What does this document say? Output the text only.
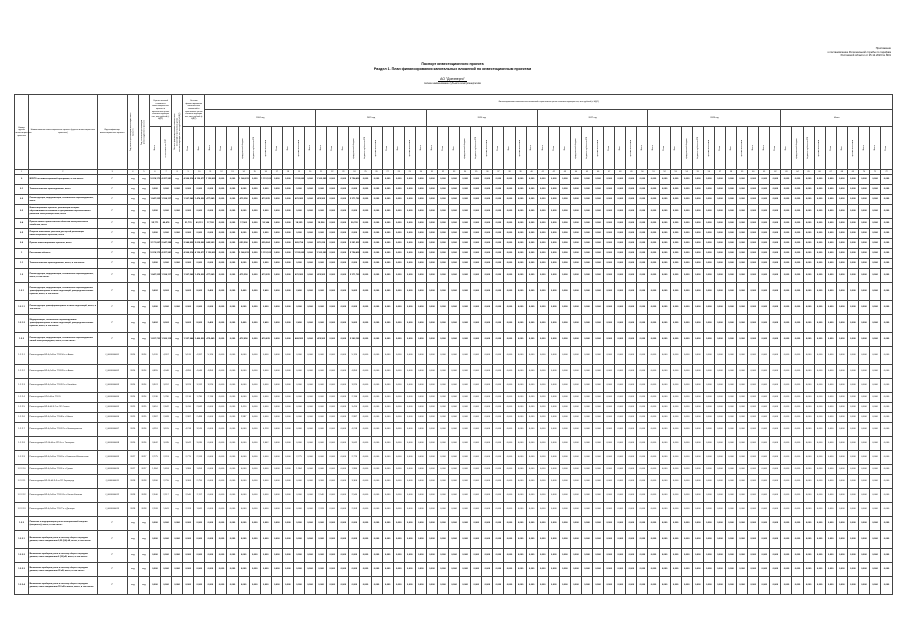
Приложение
к постановлению Региональной службы по тарифам
Ростовской области от 25.12.2023 № 80/1
Паспорт инвестиционного проекта
Раздел 1. План финансирования капитальных вложений по инвестиционным проектам
АО "Донэнерго"
полное наименование субъекта электроэнергетики
Номер группы инвестиционных проектов	Наименование инвестиционного проекта (группы инвестиционных проектов)	Идентификатор инвестиционного проекта	Год начала реализации инвестиционного проекта	Год окончания реализации инвестиционного проекта	Оценка полной стоимости инвестиционного проекта в прогнозных ценах соответствующих лет, млн рублей (с НДС)	Остаток финансирования капитальных вложений в прогнозных ценах соответствующих лет, млн рублей (с НДС)	Остаток финансирования капитальных вложений в прогнозных ценах соответствующих лет, млн рублей (с НДС)	Финансирование капитальных вложений в прогнозных ценах соответствующих лет, млн рублей (с НДС)
2024 год	2025 год	2026 год	2027 год	2028 год	Итого

Всего	в том числе по ЛСР	План	Факт	Всего	План	Факт	федеральный бюджет	бюджеты субъектов РФ	прочие источники	План	Факт	прочие источники	Всего	Всего	План	Факт	федеральный бюджет	бюджеты субъектов РФ	прочие источники	План	Факт	прочие источники	Всего	Всего	План	Факт	федеральный бюджет	бюджеты субъектов РФ	прочие источники	План	Факт	прочие источники	Всего	Всего	План	Факт	федеральный бюджет	бюджеты субъектов РФ	прочие источники	План	Факт	прочие источники	Всего	Всего	План	Факт	федеральный бюджет	бюджеты субъектов РФ	прочие источники	План	Факт	прочие источники	Всего	Всего	План	Факт	федеральный бюджет	бюджеты субъектов РФ	прочие источники	План	Факт	прочие источники	Всего	Всего	План

1	2	3	4	5	6	7	8	9	10	11	12	13	14	15	16	17	18	19	20	21	22	23	24	25	26	27	28	29	30	31	32	33	34	35	36	37	38	39	40	41	42	43	44	45	46	47	48	49	50	51	52	53	54	55	56	57	58	59	60	61	62	63	64	65	66	67	68	69	70	71	72
0	ВСЕГО по инвестиционной программе, в том числе:	Г	н.д	н.д	5 074,173	4 227,991	н.д	4 566,214	4 136,077	1 138,620	0,000	0,000	1 146,615	0,000	1 151,103	0,000	0,000	1 155,062	0,000	1 163,099	0,000	0,000	5 754,499	0,000	0,000	0,000	0,000	0,000	0,000	0,000	0,000	0,000	0,000	0,000	0,000	0,000	0,000	0,000	0,000	0,000	0,000	0,000	0,000	0,000	0,000	0,000	0,000	0,000	0,000	0,000	0,000	0,000	0,000	0,000	0,000	0,000	0,000	0,000	0,000	0,000	0,000	0,000	0,000	0,000	0,000	0,000	0,000	0,000	0,000	0,000	0,000
0.1	Технологическое присоединение, всего	Г	н.д	н.д	0,000	0,000	0,000	0,000	0,000	0,000	0,000	0,000	0,000	0,000	0,000	0,000	0,000	0,000	0,000	0,000	0,000	0,000	0,000	0,000	0,000	0,000	0,000	0,000	0,000	0,000	0,000	0,000	0,000	0,000	0,000	0,000	0,000	0,000	0,000	0,000	0,000	0,000	0,000	0,000	0,000	0,000	0,000	0,000	0,000	0,000	0,000	0,000	0,000	0,000	0,000	0,000	0,000	0,000	0,000	0,000	0,000	0,000	0,000	0,000	0,000	0,000	0,000	0,000	0,000	0,000	0,000
0.2	Реконструкция, модернизация, техническое перевооружение, всего	Г	н.д	н.д	1 847,335	1 534,117	н.д	1 567,546	1 474,902	477,845	0,000	0,000	475,356	0,000	473,035	0,000	0,000	470,983	0,000	474,563	0,000	0,000	2 371,782	0,000	0,000	0,000	0,000	0,000	0,000	0,000	0,000	0,000	0,000	0,000	0,000	0,000	0,000	0,000	0,000	0,000	0,000	0,000	0,000	0,000	0,000	0,000	0,000	0,000	0,000	0,000	0,000	0,000	0,000	0,000	0,000	0,000	0,000	0,000	0,000	0,000	0,000	0,000	0,000	0,000	0,000	0,000	0,000	0,000	0,000	0,000	0,000
0.3	Инвестиционные проекты, реализация которых обуславливается схемами и программами перспективного развития электроэнергетики, всего	Г	н.д	н.д	0,000	0,000	0,000	0,000	0,000	0,000	0,000	0,000	0,000	0,000	0,000	0,000	0,000	0,000	0,000	0,000	0,000	0,000	0,000	0,000	0,000	0,000	0,000	0,000	0,000	0,000	0,000	0,000	0,000	0,000	0,000	0,000	0,000	0,000	0,000	0,000	0,000	0,000	0,000	0,000	0,000	0,000	0,000	0,000	0,000	0,000	0,000	0,000	0,000	0,000	0,000	0,000	0,000	0,000	0,000	0,000	0,000	0,000	0,000	0,000	0,000	0,000	0,000	0,000	0,000	0,000	0,000
0.4	Прочее новое строительство объектов электросетевого хозяйства, всего	Г	н.д	н.д	55,771	46,476	н.д	51,776	43,113	17,782	0,000	0,000	17,963	0,000	18,144	0,000	0,000	18,325	0,000	18,506	0,000	0,000	90,720	0,000	0,000	0,000	0,000	0,000	0,000	0,000	0,000	0,000	0,000	0,000	0,000	0,000	0,000	0,000	0,000	0,000	0,000	0,000	0,000	0,000	0,000	0,000	0,000	0,000	0,000	0,000	0,000	0,000	0,000	0,000	0,000	0,000	0,000	0,000	0,000	0,000	0,000	0,000	0,000	0,000	0,000	0,000	0,000	0,000	0,000	0,000	0,000
0.5	Покупка земельных участков для целей реализации инвестиционных проектов, всего	Г	н.д	н.д	0,000	0,000	0,000	0,000	0,000	0,000	0,000	0,000	0,000	0,000	0,000	0,000	0,000	0,000	0,000	0,000	0,000	0,000	0,000	0,000	0,000	0,000	0,000	0,000	0,000	0,000	0,000	0,000	0,000	0,000	0,000	0,000	0,000	0,000	0,000	0,000	0,000	0,000	0,000	0,000	0,000	0,000	0,000	0,000	0,000	0,000	0,000	0,000	0,000	0,000	0,000	0,000	0,000	0,000	0,000	0,000	0,000	0,000	0,000	0,000	0,000	0,000	0,000	0,000	0,000	0,000	0,000
0.6	Прочие инвестиционные проекты, всего	Г	н.д	н.д	3 171,067	2 647,398	н.д	2 946,892	2 618,062	642,993	0,000	0,000	653,296	0,000	659,924	0,000	0,000	665,754	0,000	670,030	0,000	0,000	3 291,997	0,000	0,000	0,000	0,000	0,000	0,000	0,000	0,000	0,000	0,000	0,000	0,000	0,000	0,000	0,000	0,000	0,000	0,000	0,000	0,000	0,000	0,000	0,000	0,000	0,000	0,000	0,000	0,000	0,000	0,000	0,000	0,000	0,000	0,000	0,000	0,000	0,000	0,000	0,000	0,000	0,000	0,000	0,000	0,000	0,000	0,000	0,000	0,000
1	Ростовская область	Г	н.д	н.д	5 074,173	4 227,991	н.д	4 566,214	4 136,077	1 138,620	0,000	0,000	1 146,615	0,000	1 151,103	0,000	0,000	1 155,062	0,000	1 163,099	0,000	0,000	5 754,499	0,000	0,000	0,000	0,000	0,000	0,000	0,000	0,000	0,000	0,000	0,000	0,000	0,000	0,000	0,000	0,000	0,000	0,000	0,000	0,000	0,000	0,000	0,000	0,000	0,000	0,000	0,000	0,000	0,000	0,000	0,000	0,000	0,000	0,000	0,000	0,000	0,000	0,000	0,000	0,000	0,000	0,000	0,000	0,000	0,000	0,000	0,000	0,000
1.1	Технологическое присоединение, всего, в том числе:	Г	н.д	н.д	0,000	0,000	0,000	0,000	0,000	0,000	0,000	0,000	0,000	0,000	0,000	0,000	0,000	0,000	0,000	0,000	0,000	0,000	0,000	0,000	0,000	0,000	0,000	0,000	0,000	0,000	0,000	0,000	0,000	0,000	0,000	0,000	0,000	0,000	0,000	0,000	0,000	0,000	0,000	0,000	0,000	0,000	0,000	0,000	0,000	0,000	0,000	0,000	0,000	0,000	0,000	0,000	0,000	0,000	0,000	0,000	0,000	0,000	0,000	0,000	0,000	0,000	0,000	0,000	0,000	0,000	0,000
1.2	Реконструкция, модернизация, техническое перевооружение, всего, в том числе:	Г	н.д	н.д	1 847,335	1 534,117	н.д	1 567,546	1 474,902	477,845	0,000	0,000	475,356	0,000	473,035	0,000	0,000	470,983	0,000	474,563	0,000	0,000	2 371,782	0,000	0,000	0,000	0,000	0,000	0,000	0,000	0,000	0,000	0,000	0,000	0,000	0,000	0,000	0,000	0,000	0,000	0,000	0,000	0,000	0,000	0,000	0,000	0,000	0,000	0,000	0,000	0,000	0,000	0,000	0,000	0,000	0,000	0,000	0,000	0,000	0,000	0,000	0,000	0,000	0,000	0,000	0,000	0,000	0,000	0,000	0,000	0,000
1.2.1	Реконструкция, модернизация, техническое перевооружение трансформаторных и иных подстанций, распределительных пунктов, всего, в том числе:	Г	н.д	н.д	9,602	8,002	н.д	9,602	8,002	2,400	0,000	0,000	2,400	0,000	2,400	0,000	0,000	2,400	0,000	0,000	0,000	0,000	9,602	0,000	0,000	0,000	0,000	0,000	0,000	0,000	0,000	0,000	0,000	0,000	0,000	0,000	0,000	0,000	0,000	0,000	0,000	0,000	0,000	0,000	0,000	0,000	0,000	0,000	0,000	0,000	0,000	0,000	0,000	0,000	0,000	0,000	0,000	0,000	0,000	0,000	0,000	0,000	0,000	0,000	0,000	0,000	0,000	0,000	0,000	0,000	0,000
1.2.1.1	Реконструкция трансформаторных и иных подстанций, всего, в том числе:	Г	н.д	н.д	0,000	0,000	0,000	0,000	0,000	0,000	0,000	0,000	0,000	0,000	0,000	0,000	0,000	0,000	0,000	0,000	0,000	0,000	0,000	0,000	0,000	0,000	0,000	0,000	0,000	0,000	0,000	0,000	0,000	0,000	0,000	0,000	0,000	0,000	0,000	0,000	0,000	0,000	0,000	0,000	0,000	0,000	0,000	0,000	0,000	0,000	0,000	0,000	0,000	0,000	0,000	0,000	0,000	0,000	0,000	0,000	0,000	0,000	0,000	0,000	0,000	0,000	0,000	0,000	0,000	0,000	0,000
1.2.1.2	Модернизация, техническое перевооружение трансформаторных и иных подстанций, распределительных пунктов, всего, в том числе:	Г	н.д	н.д	9,602	8,002	н.д	9,602	8,002	2,400	0,000	0,000	2,400	0,000	2,400	0,000	0,000	2,400	0,000	0,000	0,000	0,000	9,602	0,000	0,000	0,000	0,000	0,000	0,000	0,000	0,000	0,000	0,000	0,000	0,000	0,000	0,000	0,000	0,000	0,000	0,000	0,000	0,000	0,000	0,000	0,000	0,000	0,000	0,000	0,000	0,000	0,000	0,000	0,000	0,000	0,000	0,000	0,000	0,000	0,000	0,000	0,000	0,000	0,000	0,000	0,000	0,000	0,000	0,000	0,000	0,000
1.2.2	Реконструкция, модернизация, техническое перевооружение линий электропередачи, всего, в том числе:	Г	н.д	н.д	1 837,733	1 526,115	н.д	1 557,944	1 466,900	475,445	0,000	0,000	472,956	0,000	470,635	0,000	0,000	468,583	0,000	474,563	0,000	0,000	2 362,180	0,000	0,000	0,000	0,000	0,000	0,000	0,000	0,000	0,000	0,000	0,000	0,000	0,000	0,000	0,000	0,000	0,000	0,000	0,000	0,000	0,000	0,000	0,000	0,000	0,000	0,000	0,000	0,000	0,000	0,000	0,000	0,000	0,000	0,000	0,000	0,000	0,000	0,000	0,000	0,000	0,000	0,000	0,000	0,000	0,000	0,000	0,000	0,000
1.2.2.1	Реконструкция ВЛ-0,4 кВ от ТП-150 в г. Азове	J_0000000001	2024	2024	5,120	4,267	н.д	5,120	4,267	5,120	0,000	0,000	0,000	0,000	0,000	0,000	0,000	0,000	0,000	0,000	0,000	0,000	5,120	0,000	0,000	0,000	0,000	0,000	0,000	0,000	0,000	0,000	0,000	0,000	0,000	0,000	0,000	0,000	0,000	0,000	0,000	0,000	0,000	0,000	0,000	0,000	0,000	0,000	0,000	0,000	0,000	0,000	0,000	0,000	0,000	0,000	0,000	0,000	0,000	0,000	0,000	0,000	0,000	0,000	0,000	0,000	0,000	0,000	0,000	0,000	0,000
1.2.2.2	Реконструкция ВЛ-0,4 кВ от ТП-185 в г. Азове	J_0000000002	2024	2024	4,855	4,046	н.д	4,855	4,046	4,855	0,000	0,000	0,000	0,000	0,000	0,000	0,000	0,000	0,000	0,000	0,000	0,000	4,855	0,000	0,000	0,000	0,000	0,000	0,000	0,000	0,000	0,000	0,000	0,000	0,000	0,000	0,000	0,000	0,000	0,000	0,000	0,000	0,000	0,000	0,000	0,000	0,000	0,000	0,000	0,000	0,000	0,000	0,000	0,000	0,000	0,000	0,000	0,000	0,000	0,000	0,000	0,000	0,000	0,000	0,000	0,000	0,000	0,000	0,000	0,000	0,000
1.2.2.3	Реконструкция ВЛ-0,4 кВ от ТП-312 в г. Батайске	J_0000000003	2024	2024	3,974	3,312	н.д	3,974	3,312	3,974	0,000	0,000	0,000	0,000	0,000	0,000	0,000	0,000	0,000	0,000	0,000	0,000	3,974	0,000	0,000	0,000	0,000	0,000	0,000	0,000	0,000	0,000	0,000	0,000	0,000	0,000	0,000	0,000	0,000	0,000	0,000	0,000	0,000	0,000	0,000	0,000	0,000	0,000	0,000	0,000	0,000	0,000	0,000	0,000	0,000	0,000	0,000	0,000	0,000	0,000	0,000	0,000	0,000	0,000	0,000	0,000	0,000	0,000	0,000	0,000	0,000
1.2.2.4	Реконструкция КЛ-6 кВ от ТП-15	J_0000000004	2024	2024	2,136	1,780	н.д	2,136	1,780	2,136	0,000	0,000	0,000	0,000	0,000	0,000	0,000	0,000	0,000	0,000	0,000	0,000	2,136	0,000	0,000	0,000	0,000	0,000	0,000	0,000	0,000	0,000	0,000	0,000	0,000	0,000	0,000	0,000	0,000	0,000	0,000	0,000	0,000	0,000	0,000	0,000	0,000	0,000	0,000	0,000	0,000	0,000	0,000	0,000	0,000	0,000	0,000	0,000	0,000	0,000	0,000	0,000	0,000	0,000	0,000	0,000	0,000	0,000	0,000	0,000	0,000
1.2.2.5	Реконструкция ВЛ-6 кВ Ф-7 от ПС Сальск	J_0000000005	2025	2025	3,410	2,842	н.д	3,410	2,842	0,000	0,000	0,000	3,410	0,000	0,000	0,000	0,000	0,000	0,000	0,000	0,000	0,000	3,410	0,000	0,000	0,000	0,000	0,000	0,000	0,000	0,000	0,000	0,000	0,000	0,000	0,000	0,000	0,000	0,000	0,000	0,000	0,000	0,000	0,000	0,000	0,000	0,000	0,000	0,000	0,000	0,000	0,000	0,000	0,000	0,000	0,000	0,000	0,000	0,000	0,000	0,000	0,000	0,000	0,000	0,000	0,000	0,000	0,000	0,000	0,000	0,000
1.2.2.6	Реконструкция ВЛ-0,4 кВ от ТП-48 в г. Шахты	J_0000000006	2025	2025	2,987	2,489	н.д	2,987	2,489	0,000	0,000	0,000	2,987	0,000	0,000	0,000	0,000	0,000	0,000	0,000	0,000	0,000	2,987	0,000	0,000	0,000	0,000	0,000	0,000	0,000	0,000	0,000	0,000	0,000	0,000	0,000	0,000	0,000	0,000	0,000	0,000	0,000	0,000	0,000	0,000	0,000	0,000	0,000	0,000	0,000	0,000	0,000	0,000	0,000	0,000	0,000	0,000	0,000	0,000	0,000	0,000	0,000	0,000	0,000	0,000	0,000	0,000	0,000	0,000	0,000	0,000
1.2.2.7	Реконструкция ВЛ-0,4 кВ от ТП-207 в г. Новочеркасске	J_0000000007	2026	2026	4,218	3,515	н.д	4,218	3,515	0,000	0,000	0,000	0,000	0,000	4,218	0,000	0,000	0,000	0,000	0,000	0,000	0,000	4,218	0,000	0,000	0,000	0,000	0,000	0,000	0,000	0,000	0,000	0,000	0,000	0,000	0,000	0,000	0,000	0,000	0,000	0,000	0,000	0,000	0,000	0,000	0,000	0,000	0,000	0,000	0,000	0,000	0,000	0,000	0,000	0,000	0,000	0,000	0,000	0,000	0,000	0,000	0,000	0,000	0,000	0,000	0,000	0,000	0,000	0,000	0,000	0,000
1.2.2.8	Реконструкция КЛ-10 кВ от РП-3 в г. Таганроге	J_0000000008	2026	2026	3,642	3,035	н.д	3,642	3,035	0,000	0,000	0,000	0,000	0,000	3,642	0,000	0,000	0,000	0,000	0,000	0,000	0,000	3,642	0,000	0,000	0,000	0,000	0,000	0,000	0,000	0,000	0,000	0,000	0,000	0,000	0,000	0,000	0,000	0,000	0,000	0,000	0,000	0,000	0,000	0,000	0,000	0,000	0,000	0,000	0,000	0,000	0,000	0,000	0,000	0,000	0,000	0,000	0,000	0,000	0,000	0,000	0,000	0,000	0,000	0,000	0,000	0,000	0,000	0,000	0,000	0,000
1.2.2.9	Реконструкция ВЛ-0,4 кВ от ТП-63 в г. Каменске-Шахтинском	J_0000000009	2027	2027	2,775	2,313	н.д	2,775	2,313	0,000	0,000	0,000	0,000	0,000	0,000	0,000	0,000	2,775	0,000	0,000	0,000	0,000	2,775	0,000	0,000	0,000	0,000	0,000	0,000	0,000	0,000	0,000	0,000	0,000	0,000	0,000	0,000	0,000	0,000	0,000	0,000	0,000	0,000	0,000	0,000	0,000	0,000	0,000	0,000	0,000	0,000	0,000	0,000	0,000	0,000	0,000	0,000	0,000	0,000	0,000	0,000	0,000	0,000	0,000	0,000	0,000	0,000	0,000	0,000	0,000	0,000
1.2.2.10	Реконструкция ВЛ-0,4 кВ от ТП-91 в г. Гуково	J_0000000010	2027	2027	1,984	1,653	н.д	1,984	1,653	0,000	0,000	0,000	0,000	0,000	0,000	0,000	0,000	1,984	0,000	0,000	0,000	0,000	1,984	0,000	0,000	0,000	0,000	0,000	0,000	0,000	0,000	0,000	0,000	0,000	0,000	0,000	0,000	0,000	0,000	0,000	0,000	0,000	0,000	0,000	0,000	0,000	0,000	0,000	0,000	0,000	0,000	0,000	0,000	0,000	0,000	0,000	0,000	0,000	0,000	0,000	0,000	0,000	0,000	0,000	0,000	0,000	0,000	0,000	0,000	0,000	0,000
1.2.2.11	Реконструкция ВЛ-10 кВ Ф-3 от ПС Зерноград	J_0000000011	2028	2028	3,306	2,755	н.д	3,306	2,755	0,000	0,000	0,000	0,000	0,000	0,000	0,000	0,000	0,000	0,000	3,306	0,000	0,000	3,306	0,000	0,000	0,000	0,000	0,000	0,000	0,000	0,000	0,000	0,000	0,000	0,000	0,000	0,000	0,000	0,000	0,000	0,000	0,000	0,000	0,000	0,000	0,000	0,000	0,000	0,000	0,000	0,000	0,000	0,000	0,000	0,000	0,000	0,000	0,000	0,000	0,000	0,000	0,000	0,000	0,000	0,000	0,000	0,000	0,000	0,000	0,000	0,000
1.2.2.12	Реконструкция ВЛ-0,4 кВ от ТП-124 в г. Белая Калитва	J_0000000012	2028	2028	2,540	2,117	н.д	2,540	2,117	0,000	0,000	0,000	0,000	0,000	0,000	0,000	0,000	0,000	0,000	2,540	0,000	0,000	2,540	0,000	0,000	0,000	0,000	0,000	0,000	0,000	0,000	0,000	0,000	0,000	0,000	0,000	0,000	0,000	0,000	0,000	0,000	0,000	0,000	0,000	0,000	0,000	0,000	0,000	0,000	0,000	0,000	0,000	0,000	0,000	0,000	0,000	0,000	0,000	0,000	0,000	0,000	0,000	0,000	0,000	0,000	0,000	0,000	0,000	0,000	0,000	0,000
1.2.2.13	Реконструкция ВЛ-0,4 кВ от ТП-77 в г. Донецке	J_0000000013	2028	2028	2,209	1,841	н.д	2,209	1,841	0,000	0,000	0,000	0,000	0,000	0,000	0,000	0,000	0,000	0,000	2,209	0,000	0,000	2,209	0,000	0,000	0,000	0,000	0,000	0,000	0,000	0,000	0,000	0,000	0,000	0,000	0,000	0,000	0,000	0,000	0,000	0,000	0,000	0,000	0,000	0,000	0,000	0,000	0,000	0,000	0,000	0,000	0,000	0,000	0,000	0,000	0,000	0,000	0,000	0,000	0,000	0,000	0,000	0,000	0,000	0,000	0,000	0,000	0,000	0,000	0,000	0,000
1.2.3	Развитие и модернизация учета электрической энергии (мощности), всего, в том числе:	Г	н.д	н.д	0,000	0,000	0,000	0,000	0,000	0,000	0,000	0,000	0,000	0,000	0,000	0,000	0,000	0,000	0,000	0,000	0,000	0,000	0,000	0,000	0,000	0,000	0,000	0,000	0,000	0,000	0,000	0,000	0,000	0,000	0,000	0,000	0,000	0,000	0,000	0,000	0,000	0,000	0,000	0,000	0,000	0,000	0,000	0,000	0,000	0,000	0,000	0,000	0,000	0,000	0,000	0,000	0,000	0,000	0,000	0,000	0,000	0,000	0,000	0,000	0,000	0,000	0,000	0,000	0,000	0,000	0,000
1.2.3.1	Включение приборов учета в систему сбора и передачи данных, класс напряжения 0,22 (0,4) кВ, всего, в том числе:	Г	н.д	н.д	0,000	0,000	0,000	0,000	0,000	0,000	0,000	0,000	0,000	0,000	0,000	0,000	0,000	0,000	0,000	0,000	0,000	0,000	0,000	0,000	0,000	0,000	0,000	0,000	0,000	0,000	0,000	0,000	0,000	0,000	0,000	0,000	0,000	0,000	0,000	0,000	0,000	0,000	0,000	0,000	0,000	0,000	0,000	0,000	0,000	0,000	0,000	0,000	0,000	0,000	0,000	0,000	0,000	0,000	0,000	0,000	0,000	0,000	0,000	0,000	0,000	0,000	0,000	0,000	0,000	0,000	0,000
1.2.3.2	Включение приборов учета в систему сбора и передачи данных, класс напряжения 6 (10) кВ, всего, в том числе:	Г	н.д	н.д	0,000	0,000	0,000	0,000	0,000	0,000	0,000	0,000	0,000	0,000	0,000	0,000	0,000	0,000	0,000	0,000	0,000	0,000	0,000	0,000	0,000	0,000	0,000	0,000	0,000	0,000	0,000	0,000	0,000	0,000	0,000	0,000	0,000	0,000	0,000	0,000	0,000	0,000	0,000	0,000	0,000	0,000	0,000	0,000	0,000	0,000	0,000	0,000	0,000	0,000	0,000	0,000	0,000	0,000	0,000	0,000	0,000	0,000	0,000	0,000	0,000	0,000	0,000	0,000	0,000	0,000	0,000
1.2.3.3	Включение приборов учета в систему сбора и передачи данных, класс напряжения 35 кВ, всего, в том числе:	Г	н.д	н.д	0,000	0,000	0,000	0,000	0,000	0,000	0,000	0,000	0,000	0,000	0,000	0,000	0,000	0,000	0,000	0,000	0,000	0,000	0,000	0,000	0,000	0,000	0,000	0,000	0,000	0,000	0,000	0,000	0,000	0,000	0,000	0,000	0,000	0,000	0,000	0,000	0,000	0,000	0,000	0,000	0,000	0,000	0,000	0,000	0,000	0,000	0,000	0,000	0,000	0,000	0,000	0,000	0,000	0,000	0,000	0,000	0,000	0,000	0,000	0,000	0,000	0,000	0,000	0,000	0,000	0,000	0,000
1.2.3.4	Включение приборов учета в систему сбора и передачи данных, класс напряжения 110 кВ и выше, всего, в том числе:	Г	н.д	н.д	0,000	0,000	0,000	0,000	0,000	0,000	0,000	0,000	0,000	0,000	0,000	0,000	0,000	0,000	0,000	0,000	0,000	0,000	0,000	0,000	0,000	0,000	0,000	0,000	0,000	0,000	0,000	0,000	0,000	0,000	0,000	0,000	0,000	0,000	0,000	0,000	0,000	0,000	0,000	0,000	0,000	0,000	0,000	0,000	0,000	0,000	0,000	0,000	0,000	0,000	0,000	0,000	0,000	0,000	0,000	0,000	0,000	0,000	0,000	0,000	0,000	0,000	0,000	0,000	0,000	0,000	0,000
